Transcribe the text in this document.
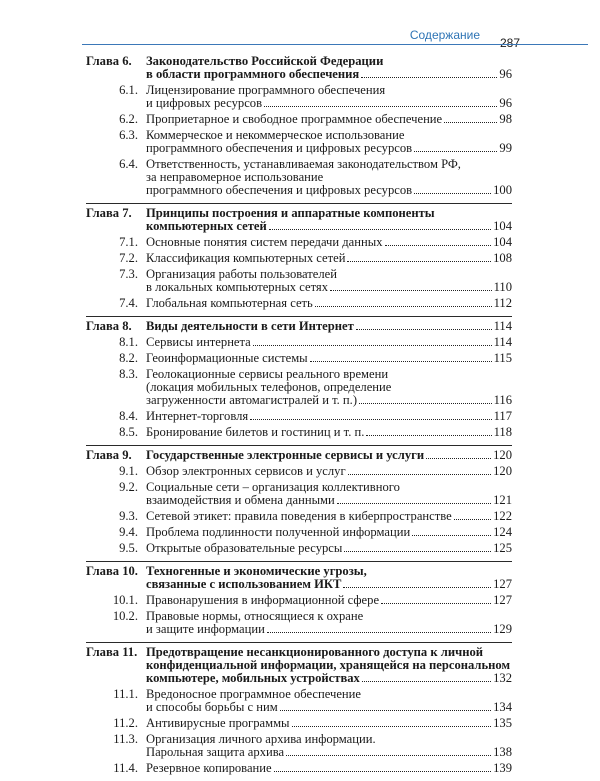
Содержание
287
Глава 6.	Законодательство Российской Федерации
в области программного обеспечения	96
6.1. Лицензирование программного обеспечения
и цифровых ресурсов	96
6.2. Проприетарное и свободное программное обеспечение	98
6.3. Коммерческое и некоммерческое использование
программного обеспечения и цифровых ресурсов	99
6.4. Ответственность, устанавливаемая законодательством РФ,
за неправомерное использование
программного обеспечения и цифровых ресурсов	100
Глава 7.	Принципы построения и аппаратные компоненты
компьютерных сетей	104
7.1. Основные понятия систем передачи данных	104
7.2. Классификация компьютерных сетей	108
7.3. Организация работы пользователей
в локальных компьютерных сетях	110
7.4. Глобальная компьютерная сеть	112
Глава 8.	Виды деятельности в сети Интернет	114
8.1. Сервисы интернета	114
8.2. Геоинформационные системы	115
8.3. Геолокационные сервисы реального времени
(локация мобильных телефонов, определение
загруженности автомагистралей и т. п.)	116
8.4. Интернет-торговля	117
8.5. Бронирование билетов и гостиниц и т. п.	118
Глава 9.	Государственные электронные сервисы и услуги	120
9.1. Обзор электронных сервисов и услуг	120
9.2. Социальные сети – организация коллективного
взаимодействия и обмена данными	121
9.3. Сетевой этикет: правила поведения в киберпространстве	122
9.4. Проблема подлинности полученной информации	124
9.5. Открытые образовательные ресурсы	125
Глава 10. Техногенные и экономические угрозы,
связанные с использованием ИКТ	127
10.1. Правонарушения в информационной сфере	127
10.2. Правовые нормы, относящиеся к охране
и защите информации	129
Глава 11. Предотвращение несанкционированного доступа к личной
конфиденциальной информации, хранящейся на персональном
компьютере, мобильных устройствах	132
11.1. Вредоносное программное обеспечение
и способы борьбы с ним	134
11.2. Антивирусные программы	135
11.3. Организация личного архива информации.
Парольная защита архива	138
11.4. Резервное копирование	139
